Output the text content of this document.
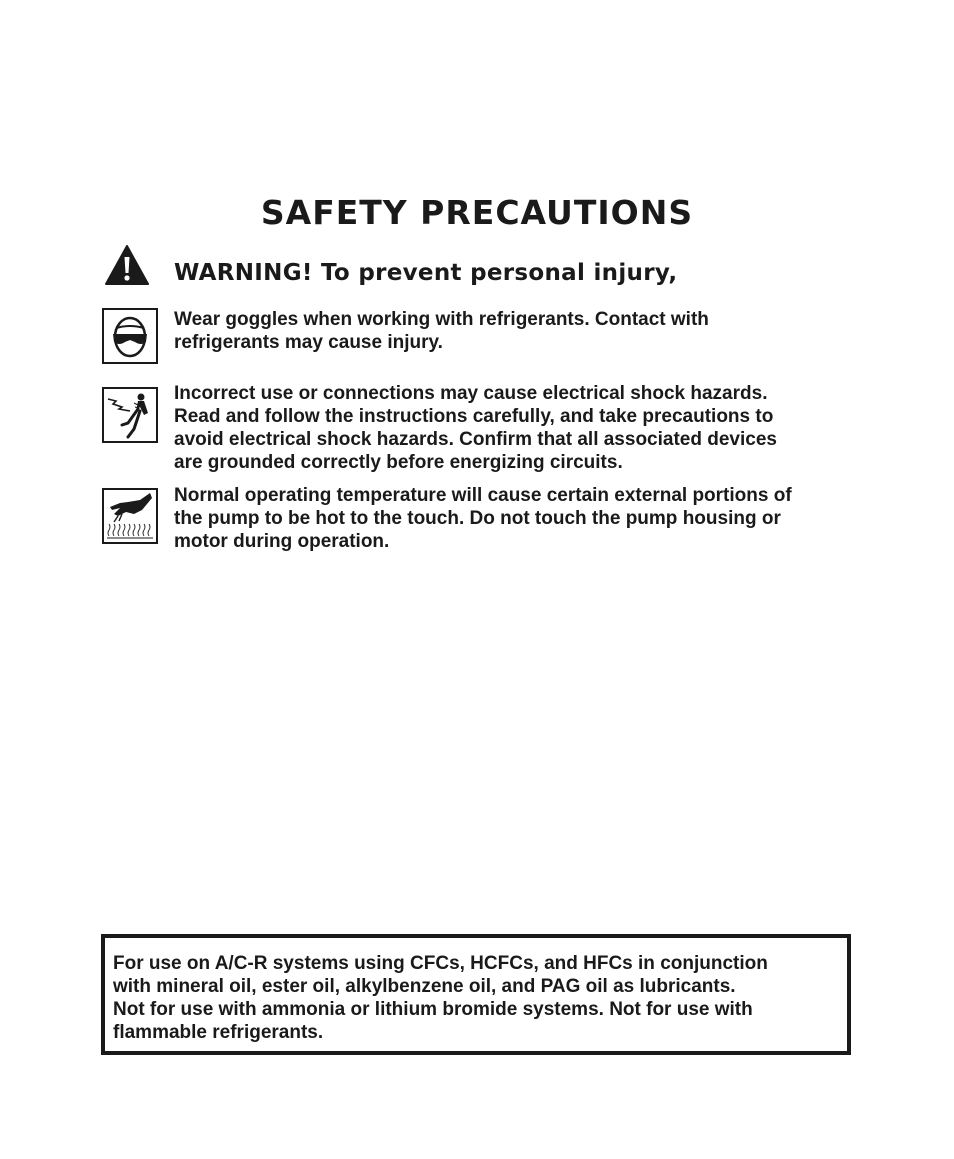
SAFETY PRECAUTIONS
WARNING! To prevent personal injury,

Wear goggles when working with refrigerants. Contact with
refrigerants may cause injury.

Incorrect use or connections may cause electrical shock hazards.
Read and follow the instructions carefully, and take precautions to
avoid electrical shock hazards. Confirm that all associated devices
are grounded correctly before energizing circuits.

Normal operating temperature will cause certain external portions of
the pump to be hot to the touch. Do not touch the pump housing or
motor during operation.

For use on A/C-R systems using CFCs, HCFCs, and HFCs in conjunction
with mineral oil, ester oil, alkylbenzene oil, and PAG oil as lubricants.
Not for use with ammonia or lithium bromide systems. Not for use with
flammable refrigerants.
